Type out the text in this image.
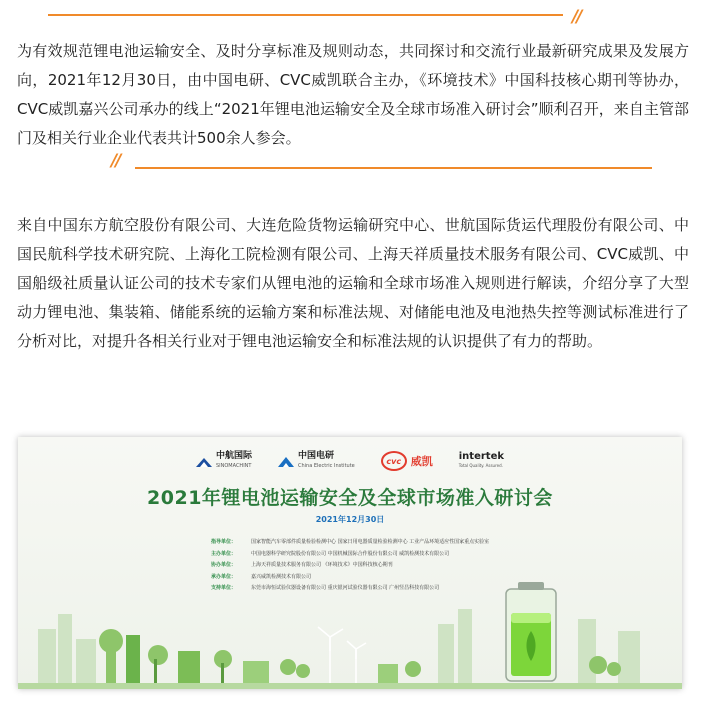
//
为有效规范锂电池运输安全、及时分享标准及规则动态，共同探讨和交流行业最新研究成果及发展方向，2021年12月30日，由中国电研、CVC威凯联合主办，《环境技术》中国科技核心期刊等协办，CVC威凯嘉兴公司承办的线上“2021年锂电池运输安全及全球市场准入研讨会”顺利召开，来自主管部门及相关行业企业代表共计500余人参会。
//
来自中国东方航空股份有限公司、大连危险货物运输研究中心、世航国际货运代理股份有限公司、中国民航科学技术研究院、上海化工院检测有限公司、上海天祥质量技术服务有限公司、CVC威凯、中国船级社质量认证公司的技术专家们从锂电池的运输和全球市场准入规则进行解读，介绍分享了大型动力锂电池、集装箱、储能系统的运输方案和标准法规、对储能电池及电池热失控等测试标准进行了分析对比，对提升各相关行业对于锂电池运输安全和标准法规的认识提供了有力的帮助。
中航国际
SINOMACHINT
中国电研
China Electric Institute
cvc 威凯	intertek
Total Quality. Assured.
2021年锂电池运输安全及全球市场准入研讨会
2021年12月30日
指导单位：	国家智能汽车零部件质量检验检测中心 国家日用电器质量检验检测中心 工业产品环境适应性国家重点实验室
主办单位：	中国电器科学研究院股份有限公司 中国机械国际合作股份有限公司 威凯检测技术有限公司
协办单位：	上海天祥质量技术服务有限公司 《环境技术》中国科技核心期刊
承办单位：	嘉兴威凯检测技术有限公司
支持单位：	东莞市海恒试验仪器设备有限公司 重庆银河试验仪器有限公司 广州竖昌科技有限公司
